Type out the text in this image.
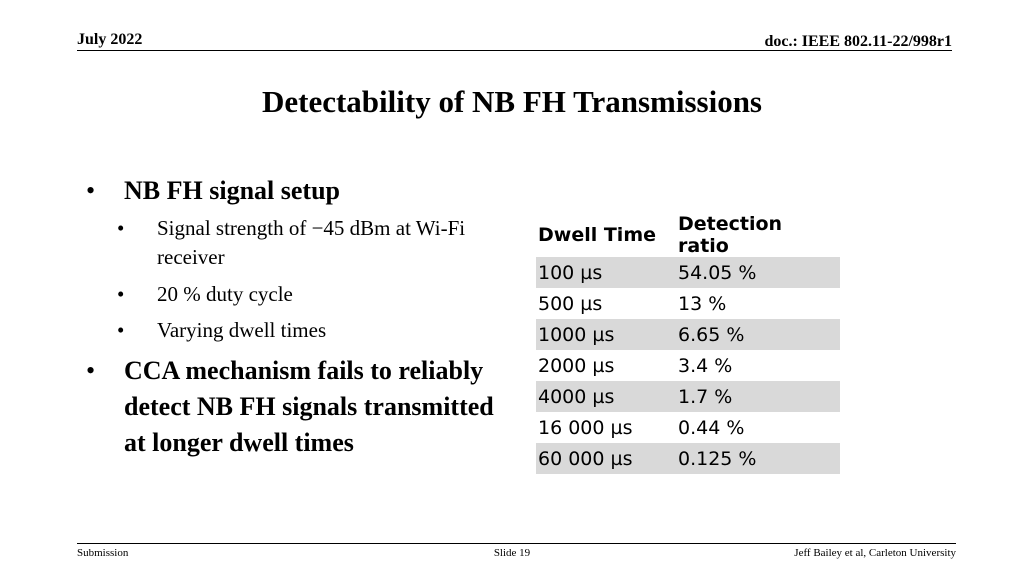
July 2022	doc.: IEEE 802.11-22/998r1
Detectability of NB FH Transmissions
• NB FH signal setup
• Signal strength of −45 dBm at Wi-Fi receiver
• 20 % duty cycle
• Varying dwell times
• CCA mechanism fails to reliably detect NB FH signals transmitted at longer dwell times
Dwell Time	Detection ratio
100 µs	54.05 %
500 µs	13 %
1000 µs	6.65 %
2000 µs	3.4 %
4000 µs	1.7 %
16 000 µs	0.44 %
60 000 µs	0.125 %
Submission	Slide 19	Jeff Bailey et al, Carleton University
